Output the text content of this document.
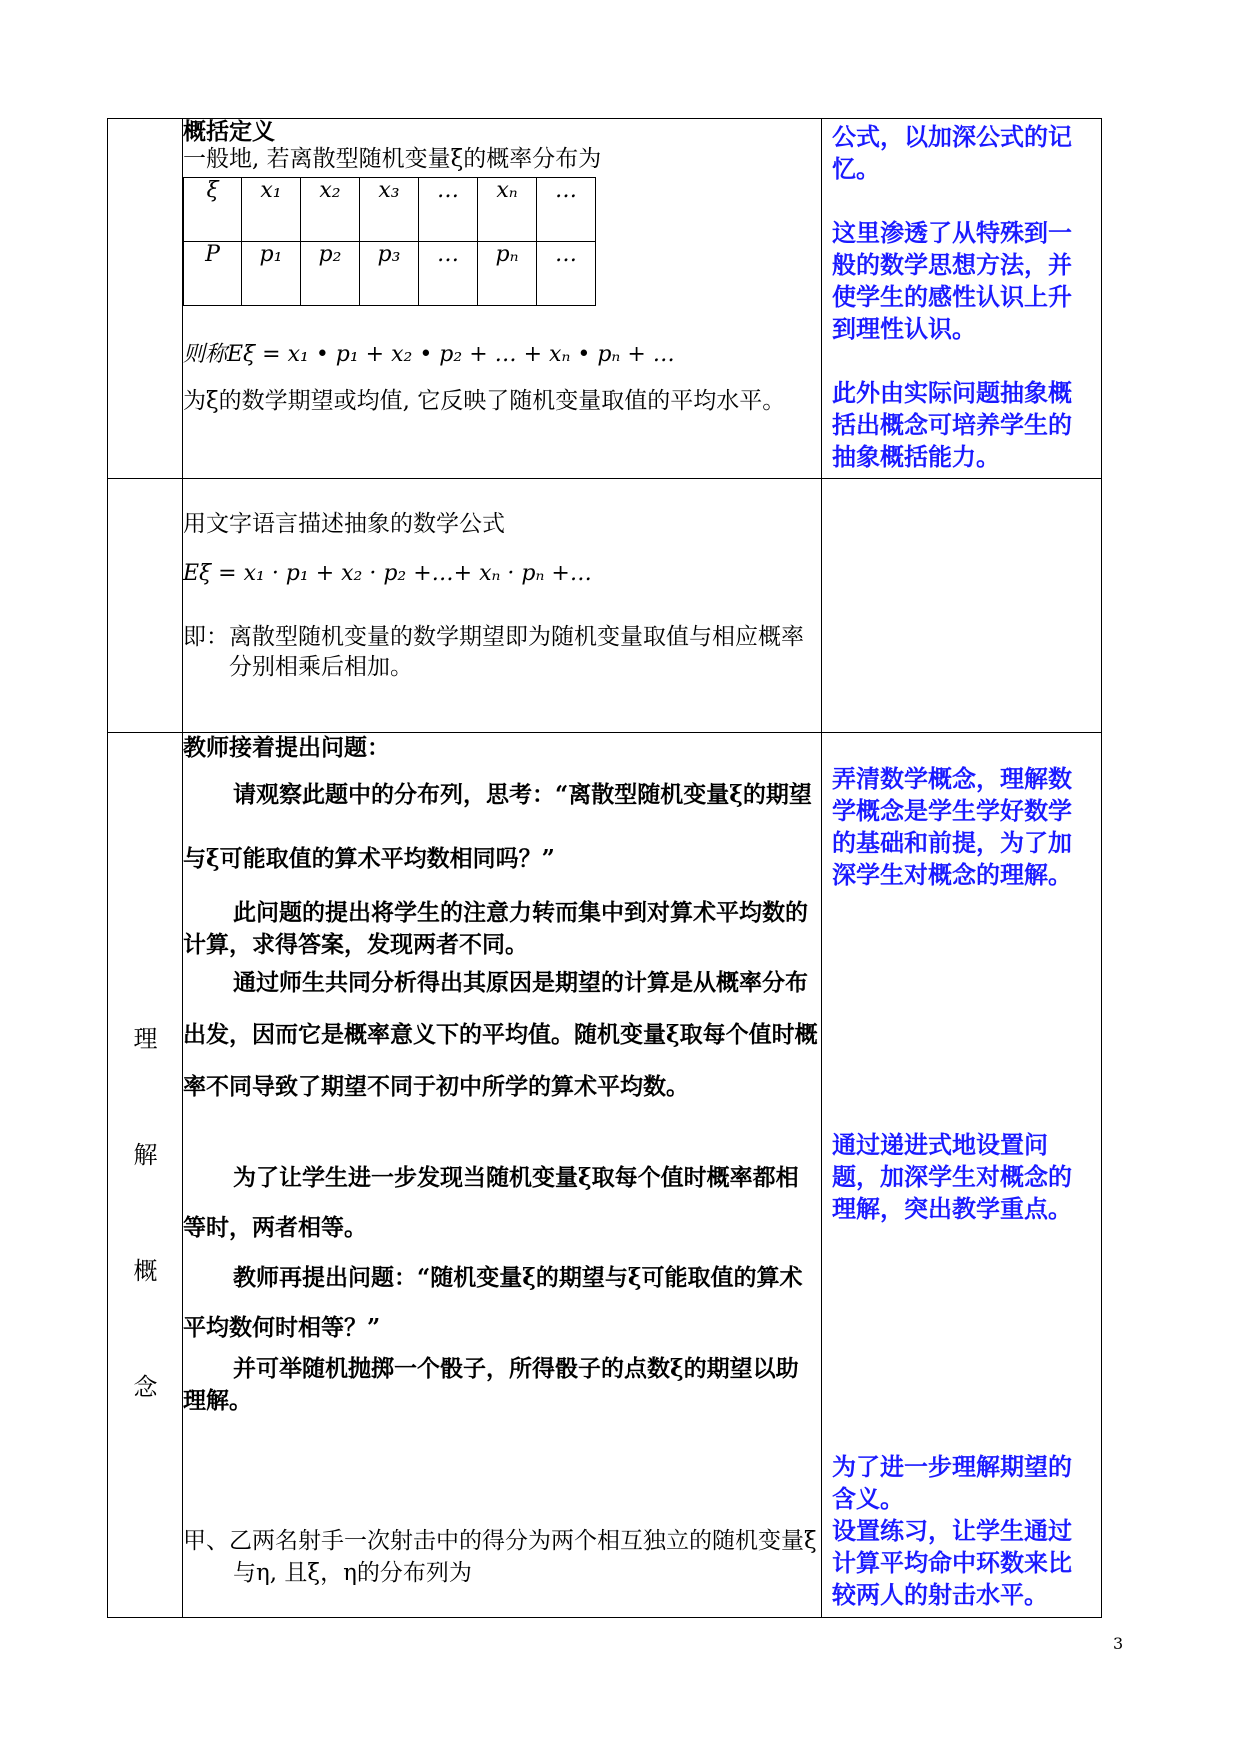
概括定义
一般地, 若离散型随机变量ξ的概率分布为
ξ	x₁	x₂	x₃	…	xₙ	…
P	p₁	p₂	p₃	…	pₙ	…
则称Eξ = x₁ • p₁ + x₂ • p₂ + … + xₙ • pₙ + …
为ξ的数学期望或均值, 它反映了随机变量取值的平均水平。

公式，以加深公式的记忆。

这里渗透了从特殊到一般的数学思想方法，并使学生的感性认识上升到理性认识。

此外由实际问题抽象概括出概念可培养学生的抽象概括能力。

用文字语言描述抽象的数学公式
Eξ = x₁ · p₁ + x₂ · p₂ +…+ xₙ · pₙ +…
即：离散型随机变量的数学期望即为随机变量取值与相应概率分别相乘后相加。

理
解
概
念

教师接着提出问题：
请观察此题中的分布列，思考：“离散型随机变量ξ的期望与ξ可能取值的算术平均数相同吗？”
此问题的提出将学生的注意力转而集中到对算术平均数的计算，求得答案，发现两者不同。
通过师生共同分析得出其原因是期望的计算是从概率分布出发，因而它是概率意义下的平均值。随机变量ξ取每个值时概率不同导致了期望不同于初中所学的算术平均数。
为了让学生进一步发现当随机变量ξ取每个值时概率都相等时，两者相等。
教师再提出问题：“随机变量ξ的期望与ξ可能取值的算术平均数何时相等？”
并可举随机抛掷一个骰子，所得骰子的点数ξ的期望以助理解。
甲、乙两名射手一次射击中的得分为两个相互独立的随机变量ξ与η, 且ξ，η的分布列为

弄清数学概念，理解数学概念是学生学好数学的基础和前提，为了加深学生对概念的理解。
通过递进式地设置问题，加深学生对概念的理解，突出教学重点。
为了进一步理解期望的含义。
设置练习，让学生通过计算平均命中环数来比较两人的射击水平。
3
